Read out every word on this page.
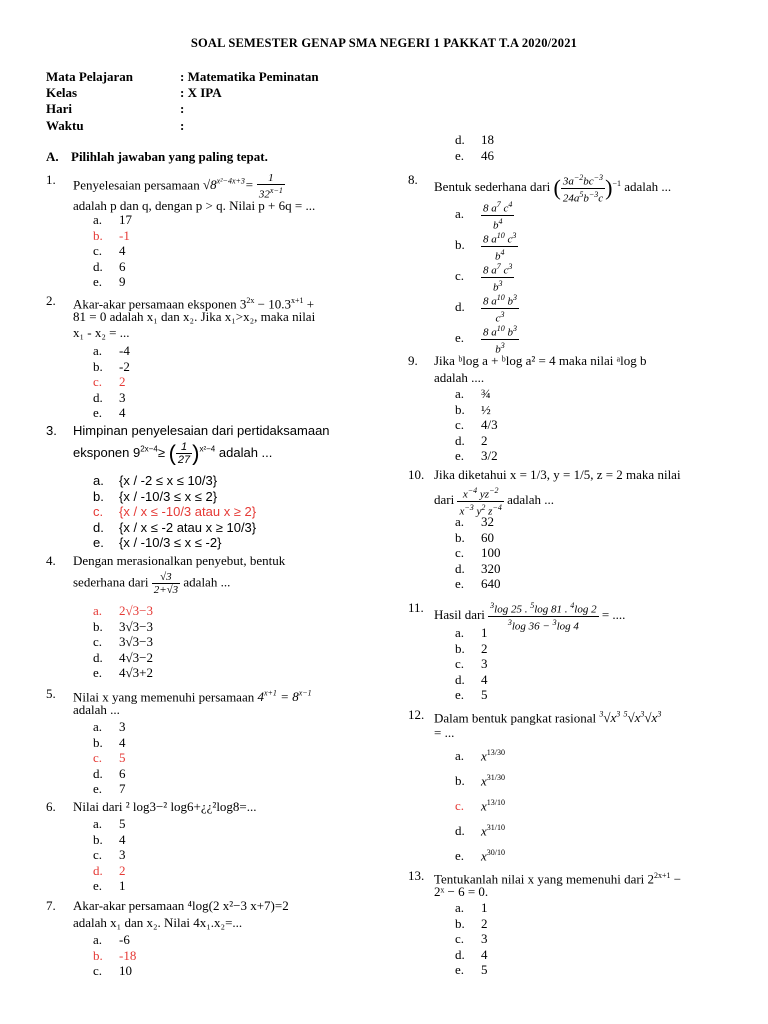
SOAL SEMESTER GENAP SMA NEGERI 1 PAKKAT T.A 2020/2021
Mata Pelajaran	: Matematika Peminatan
Kelas	: X IPA
Hari	:
Waktu	:
A. Pilihlah jawaban yang paling tepat.
1. Penyelesaian persamaan $√8^{x^2-4x+3}= \frac{1}{32^{x-1}}$
adalah p dan q, dengan p > q. Nilai p + 6q = ...
a. 17
b. -1
c. 4
d. 6
e. 9
2. Akar-akar persamaan eksponen $3^{2x} - 10.3^{x+1}$ +
81 = 0 adalah x₁ dan x₂. Jika x₁>x₂, maka nilai
x₁ - x₂ = ...
a. -4
b. -2
c. 2
d. 3
e. 4
3. Himpinan penyelesaian dari pertidaksamaan
eksponen $9^{2x-4}\ge$ ( $\frac{1}{27} )^{x^2-4}$ adalah ...
a. {x / -2 ≤ x ≤ 10/3}
b. {x / -10/3 ≤ x ≤ 2}
c. {x / x ≤ -10/3 atau x ≥ 2}
d. {x / x ≤ -2 atau x ≥ 10/3}
e. {x / -10/3 ≤ x ≤ -2}
4. Dengan merasionalkan penyebut, bentuk
sederhana dari $\frac{√3}{2+√3}$ adalah ...
a. 2√3−3
b. 3√3−3
c. 3√3−3
d. 4√3−2
e. 4√3+2
5. Nilai x yang memenuhi persamaan $4^{x+1} = 8^{x-1}$
adalah ...
a. 3
b. 4
c. 5
d. 6
e. 7
6. Nilai dari ² log3−² log6+¿¿²log8=...
a. 5
b. 4
c. 3
d. 2
e. 1
7. Akar-akar persamaan ⁴log(2 x²−3 x+7)=2
adalah x₁ dan x₂. Nilai 4x₁.x₂=...
a. -6
b. -18
c. 10
d. 18
e. 46
8. Bentuk sederhana dari ( $\frac{3a^{-2}bc^{-3}}{24a^5b^{-3}c} )^{-1}$ adalah ...
a. $\frac{8 a^7 c^4}{b^4}$
b. $\frac{8 a^{10} c^3}{b^4}$
c. $\frac{8 a^7 c^3}{b^3}$
d. $\frac{8 a^{10} b^3}{c^3}$
e. $\frac{8 a^{10} b^3}{b^3}$
9. Jika ᵇlog a + ᵇlog a² = 4 maka nilai ᵃlog b
adalah ....
a. ¾
b. ½
c. 4/3
d. 2
e. 3/2
10. Jika diketahui x = 1/3, y = 1/5, z = 2 maka nilai
dari $\frac{x^{-4} yz^{-2}}{x^{-3} y^2 z^{-4}}$ adalah ...
a. 32
b. 60
c. 100
d. 320
e. 640
11. Hasil dari $\frac{^3\log 25 . ^5\log 81 . ^4\log 2}{^3\log 36 - ^3\log 4}$ = ....
a. 1
b. 2
c. 3
d. 4
e. 5
12. Dalam bentuk pangkat rasional $^3√x^3$ $^5√x^3√x^3$
= ...
a. $x^{13/30}$
b. $x^{31/30}$
c. $x^{13/10}$
d. $x^{31/10}$
e. $x^{30/10}$
13. Tentukanlah nilai x yang memenuhi dari $2^{2x+1}$ −
2ˣ − 6 = 0.
a. 1
b. 2
c. 3
d. 4
e. 5
